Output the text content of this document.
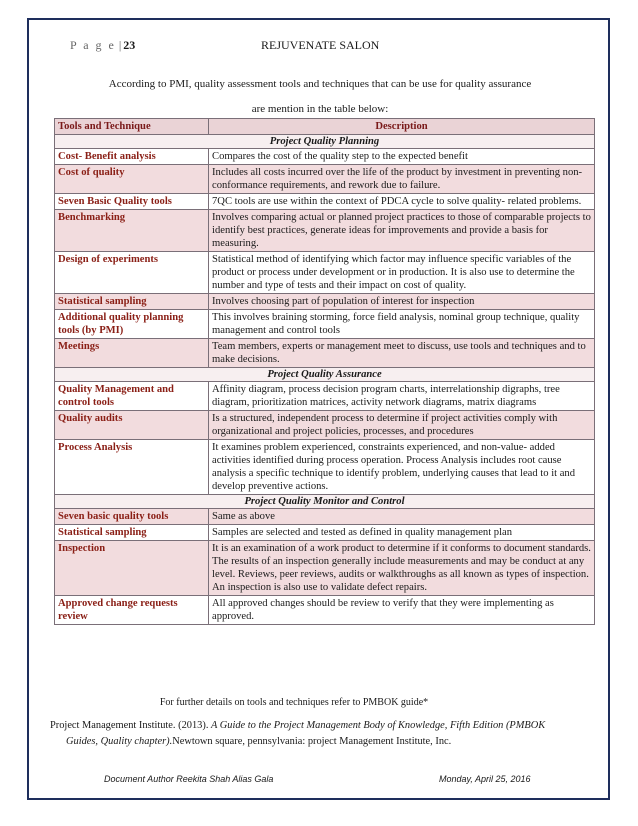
P a g e |23	REJUVENATE SALON
According to PMI, quality assessment tools and techniques that can be use for quality assurance
are mention in the table below:
Tools and Technique	Description
Project Quality Planning	
Cost- Benefit analysis	Compares the cost of the quality step to the expected benefit
Cost of quality	Includes all costs incurred over the life of the product by investment in preventing non- conformance requirements, and rework due to failure.
Seven Basic Quality tools	7QC tools are use within the context of PDCA cycle to solve quality- related problems.
Benchmarking	Involves comparing actual or planned project practices to those of comparable projects to identify best practices, generate ideas for improvements and provide a basis for measuring.
Design of experiments	Statistical method of identifying which factor may influence specific variables of the product or process under development or in production. It is also use to determine the number and type of tests and their impact on cost of quality.
Statistical sampling	Involves choosing part of population of interest for inspection
Additional quality planning tools (by PMI)	This involves braining storming, force field analysis, nominal group technique, quality management and control tools
Meetings	Team members, experts or management meet to discuss, use tools and techniques and to make decisions.
Project Quality Assurance	
Quality Management and control tools	Affinity diagram, process decision program charts, interrelationship digraphs, tree diagram, prioritization matrices, activity network diagrams, matrix diagrams
Quality audits	Is a structured, independent process to determine if project activities comply with organizational and project policies, processes, and procedures
Process Analysis	It examines problem experienced, constraints experienced, and non-value- added activities identified during process operation. Process Analysis includes root cause analysis a specific technique to identify problem, underlying causes that lead to it and develop preventive actions.
Project Quality Monitor and Control	
Seven basic quality tools	Same as above
Statistical sampling	Samples are selected and tested as defined in quality management plan
Inspection	It is an examination of a work product to determine if it conforms to document standards. The results of an inspection generally include measurements and may be conduct at any level. Reviews, peer reviews, audits or walkthroughs as all known as types of inspection. An inspection is also use to validate defect repairs.
Approved change requests review	All approved changes should be review to verify that they were implementing as approved.
For further details on tools and techniques refer to PMBOK guide*
Project Management Institute. (2013). A Guide to the Project Management Body of Knowledge, Fifth Edition (PMBOK
Guides, Quality chapter).Newtown square, pennsylvania: project Management Institute, Inc.
Document Author Reekita Shah Alias Gala	Monday, April 25, 2016
